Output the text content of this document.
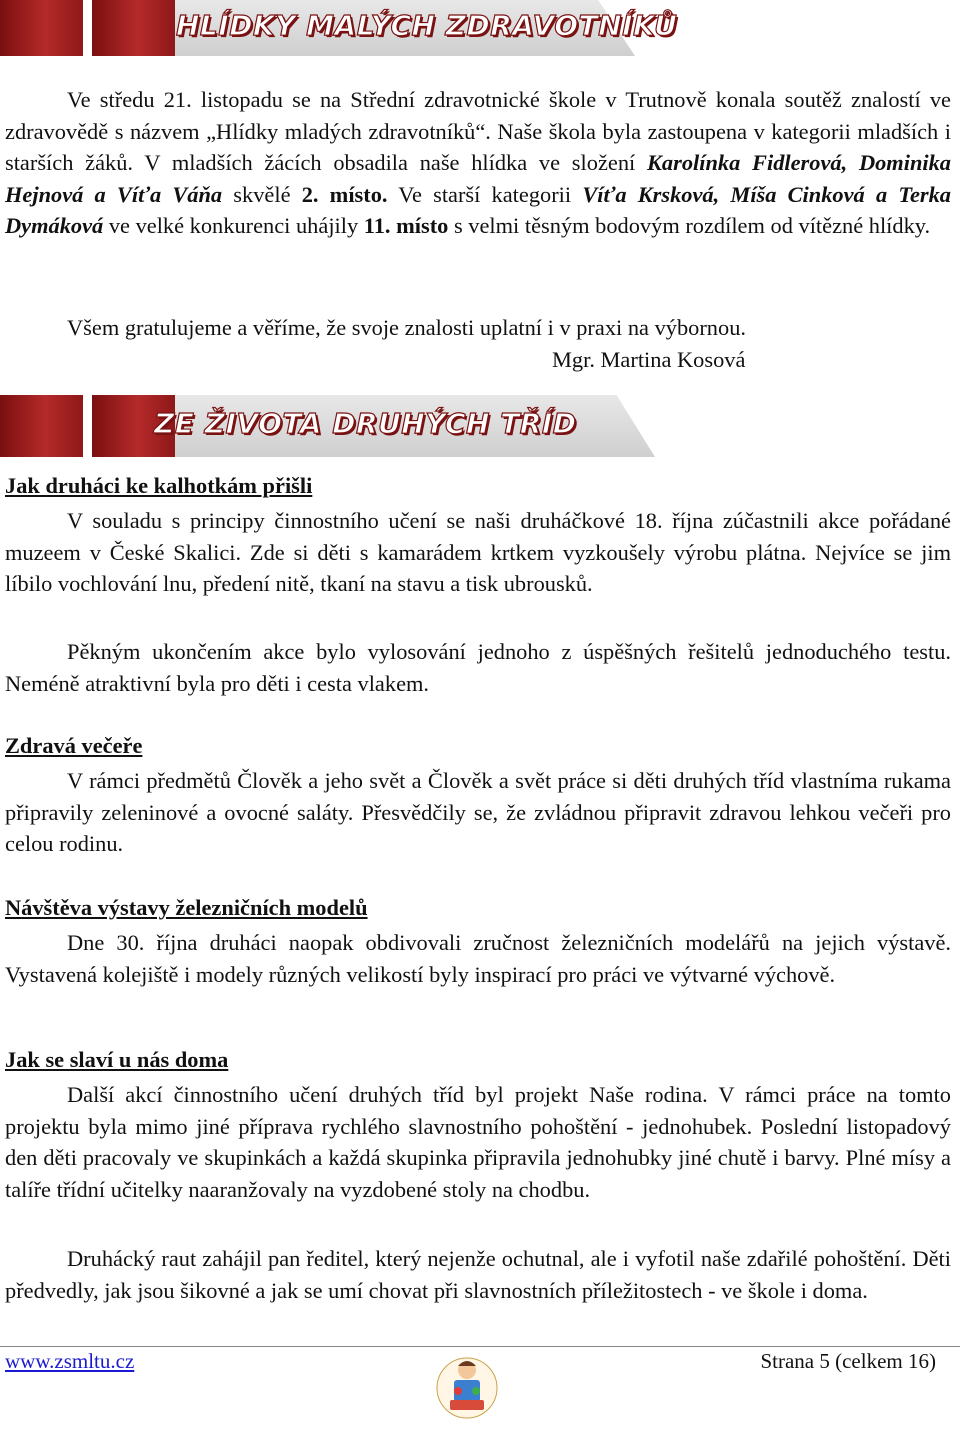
HLÍDKY MALÝCH ZDRAVOTNÍKŮ

Ve středu 21. listopadu se na Střední zdravotnické škole v Trutnově konala soutěž znalostí ve zdravovědě s názvem „Hlídky mladých zdravotníků“. Naše škola byla zastoupena v kategorii mladších i starších žáků. V mladších žácích obsadila naše hlídka ve složení Karolínka Fidlerová, Dominika Hejnová a Víťa Váňa skvělé 2. místo. Ve starší kategorii Víťa Krsková, Míša Cinková a Terka Dymáková ve velké konkurenci uhájily 11. místo s velmi těsným bodovým rozdílem od vítězné hlídky.

Všem gratulujeme a věříme, že svoje znalosti uplatní i v praxi na výbornou.

Mgr. Martina Kosová

ZE ŽIVOTA DRUHÝCH TŘÍD

Jak druháci ke kalhotkám přišli

V souladu s principy činnostního učení se naši druháčkové 18. října zúčastnili akce pořádané muzeem v České Skalici. Zde si děti s kamarádem krtkem vyzkoušely výrobu plátna. Nejvíce se jim líbilo vochlování lnu, předení nitě, tkaní na stavu a tisk ubrousků.

Pěkným ukončením akce bylo vylosování jednoho z úspěšných řešitelů jednoduchého testu. Neméně atraktivní byla pro děti i cesta vlakem.

Zdravá večeře

V rámci předmětů Člověk a jeho svět a Člověk a svět práce si děti druhých tříd vlastníma rukama připravily zeleninové a ovocné saláty. Přesvědčily se, že zvládnou připravit zdravou lehkou večeři pro celou rodinu.

Návštěva výstavy železničních modelů

Dne 30. října druháci naopak obdivovali zručnost železničních modelářů na jejich výstavě. Vystavená kolejiště i modely různých velikostí byly inspirací pro práci ve výtvarné výchově.

Jak se slaví u nás doma

Další akcí činnostního učení druhých tříd byl projekt Naše rodina. V rámci práce na tomto projektu byla mimo jiné příprava rychlého slavnostního pohoštění - jednohubek. Poslední listopadový den děti pracovaly ve skupinkách a každá skupinka připravila jednohubky jiné chutě i barvy. Plné mísy a talíře třídní učitelky naaranžovaly na vyzdobené stoly na chodbu.

Druhácký raut zahájil pan ředitel, který nejenže ochutnal, ale i vyfotil naše zdařilé pohoštění. Děti předvedly, jak jsou šikovné a jak se umí chovat při slavnostních příležitostech - ve škole i doma.

www.zsmltu.cz	Strana 5 (celkem 16)
